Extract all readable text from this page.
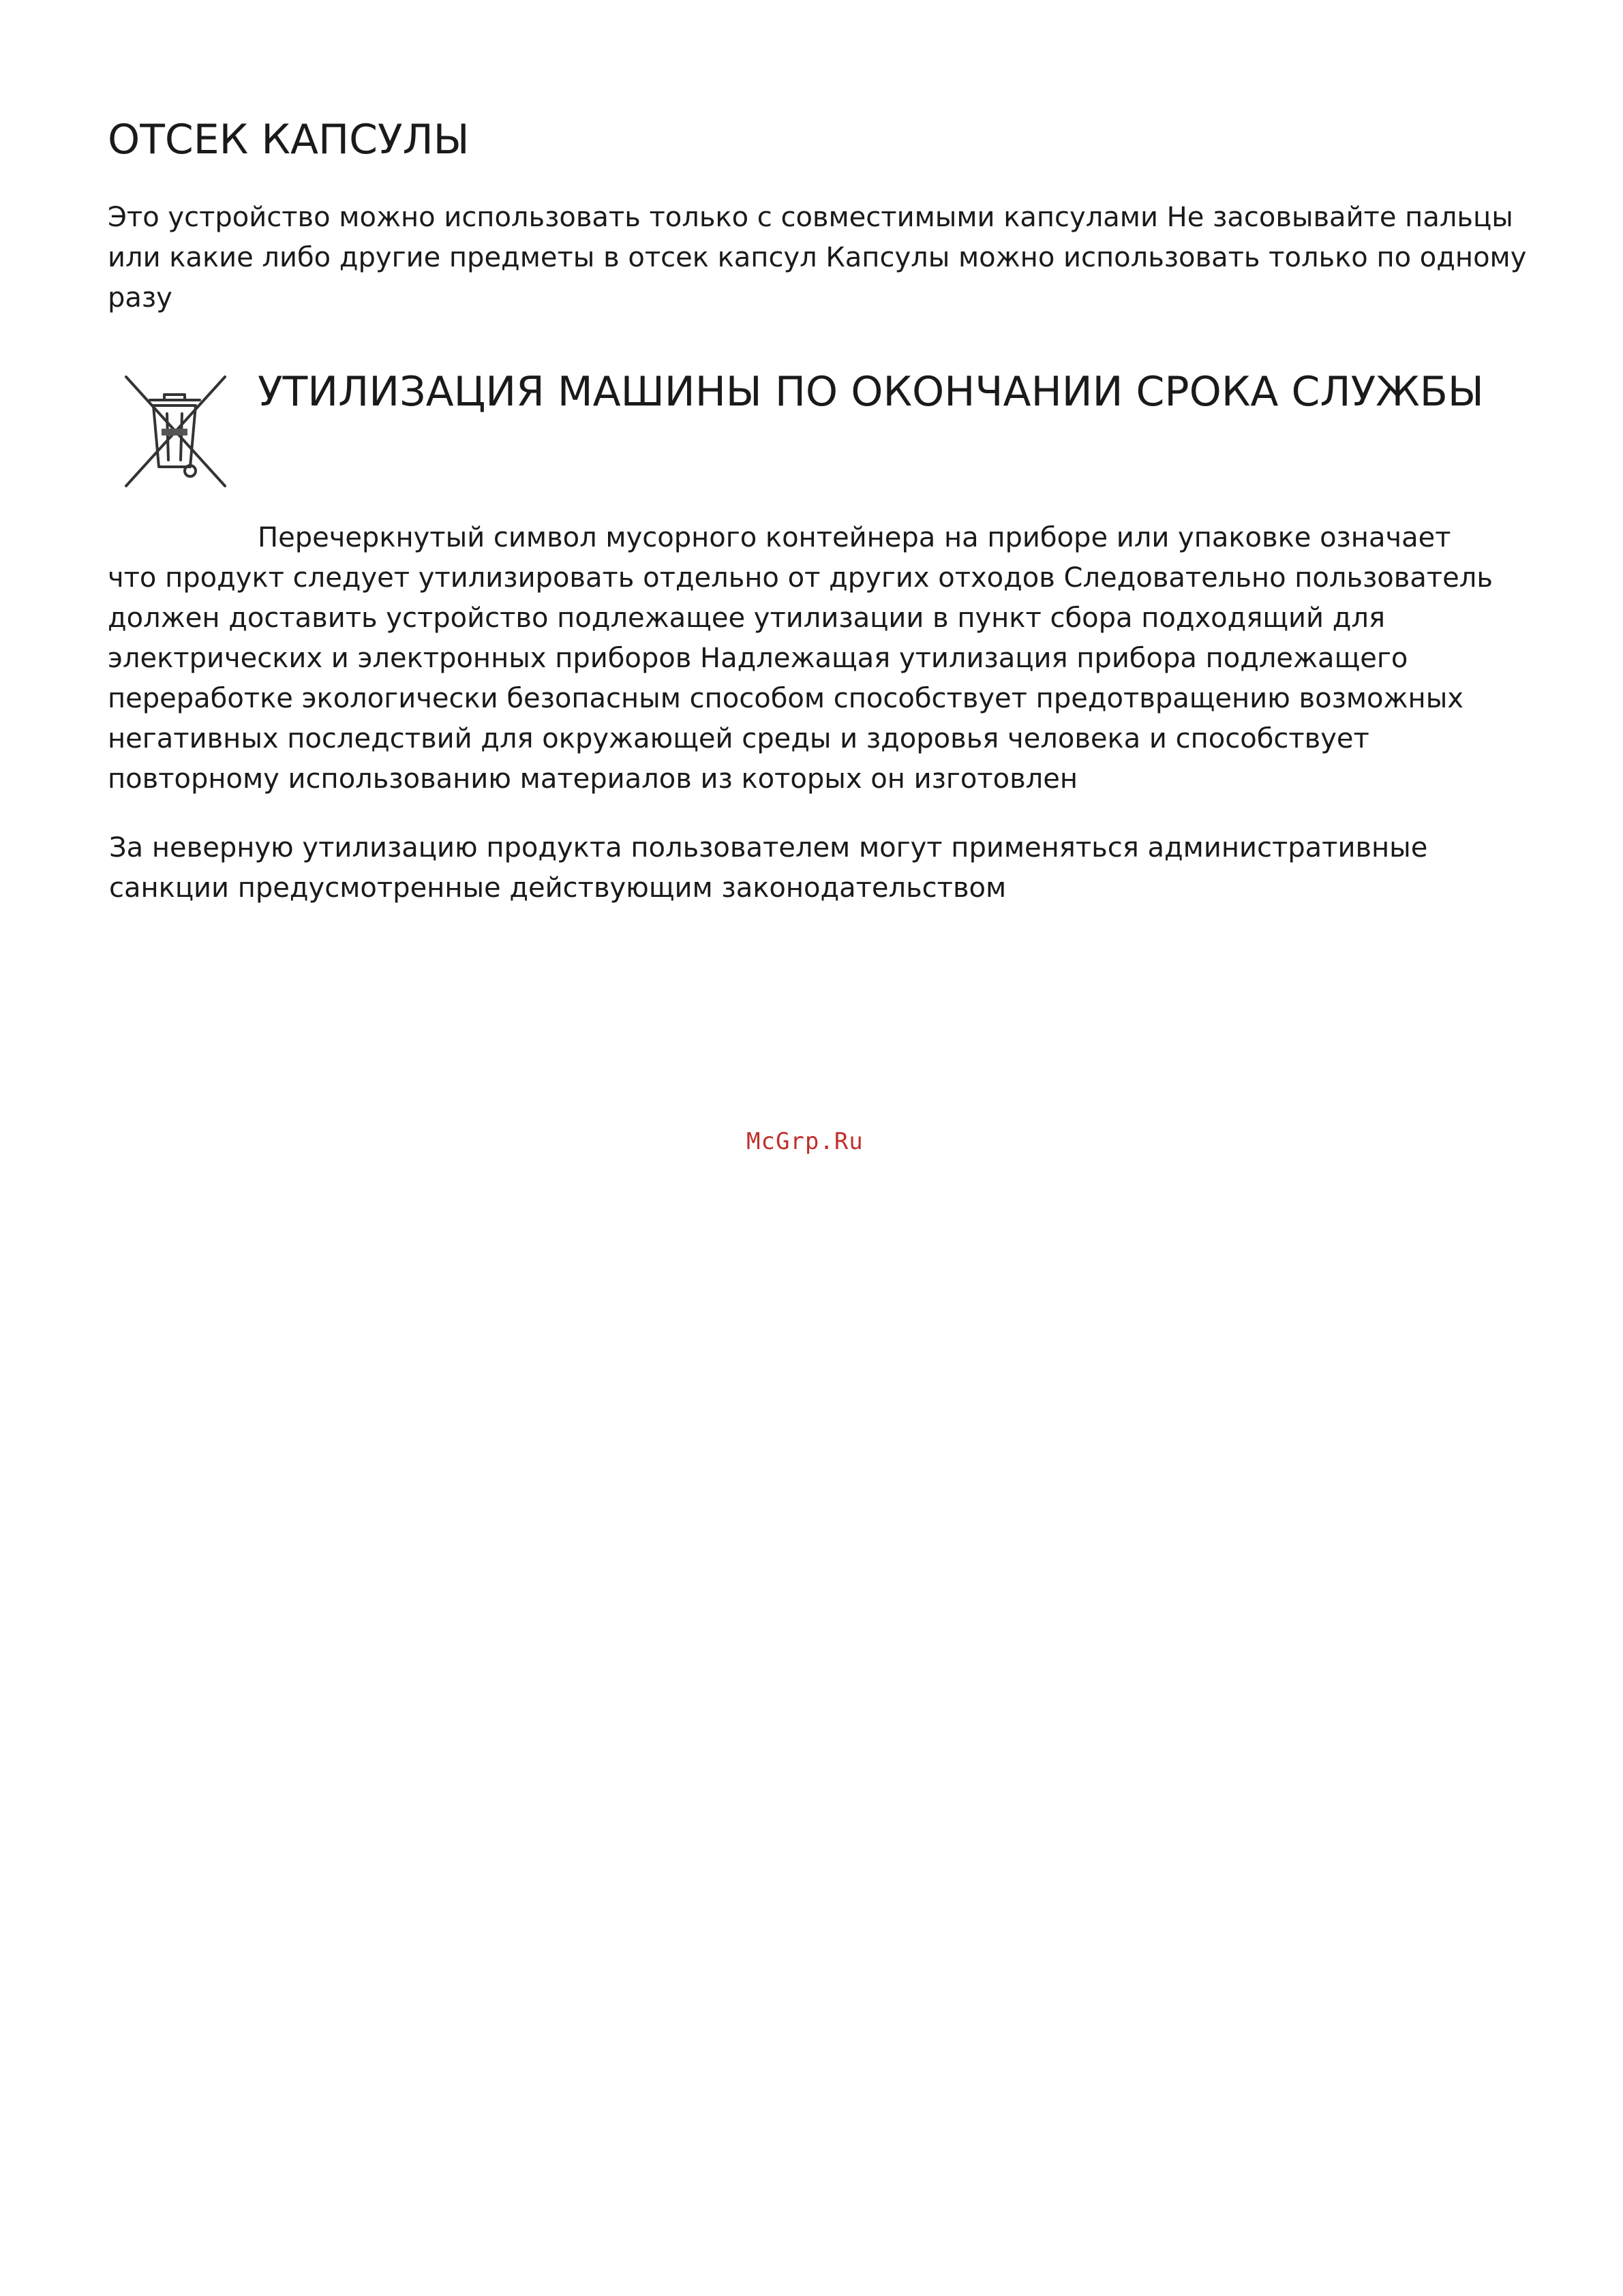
ОТСЕК КАПСУЛЫ

Это устройство можно использовать только с совместимыми капсулами Не засовывайте пальцы
или какие либо другие предметы в отсек капсул Капсулы можно использовать только по одному
разу

УТИЛИЗАЦИЯ МАШИНЫ ПО ОКОНЧАНИИ СРОКА СЛУЖБЫ

Перечеркнутый символ мусорного контейнера на приборе или упаковке означает
что продукт следует утилизировать отдельно от других отходов Следовательно пользователь
должен доставить устройство подлежащее утилизации в пункт сбора подходящий для
электрических и электронных приборов Надлежащая утилизация прибора подлежащего
переработке экологически безопасным способом способствует предотвращению возможных
негативных последствий для окружающей среды и здоровья человека и способствует
повторному использованию материалов из которых он изготовлен

За неверную утилизацию продукта пользователем могут применяться административные
санкции предусмотренные действующим законодательством

McGrp.Ru
